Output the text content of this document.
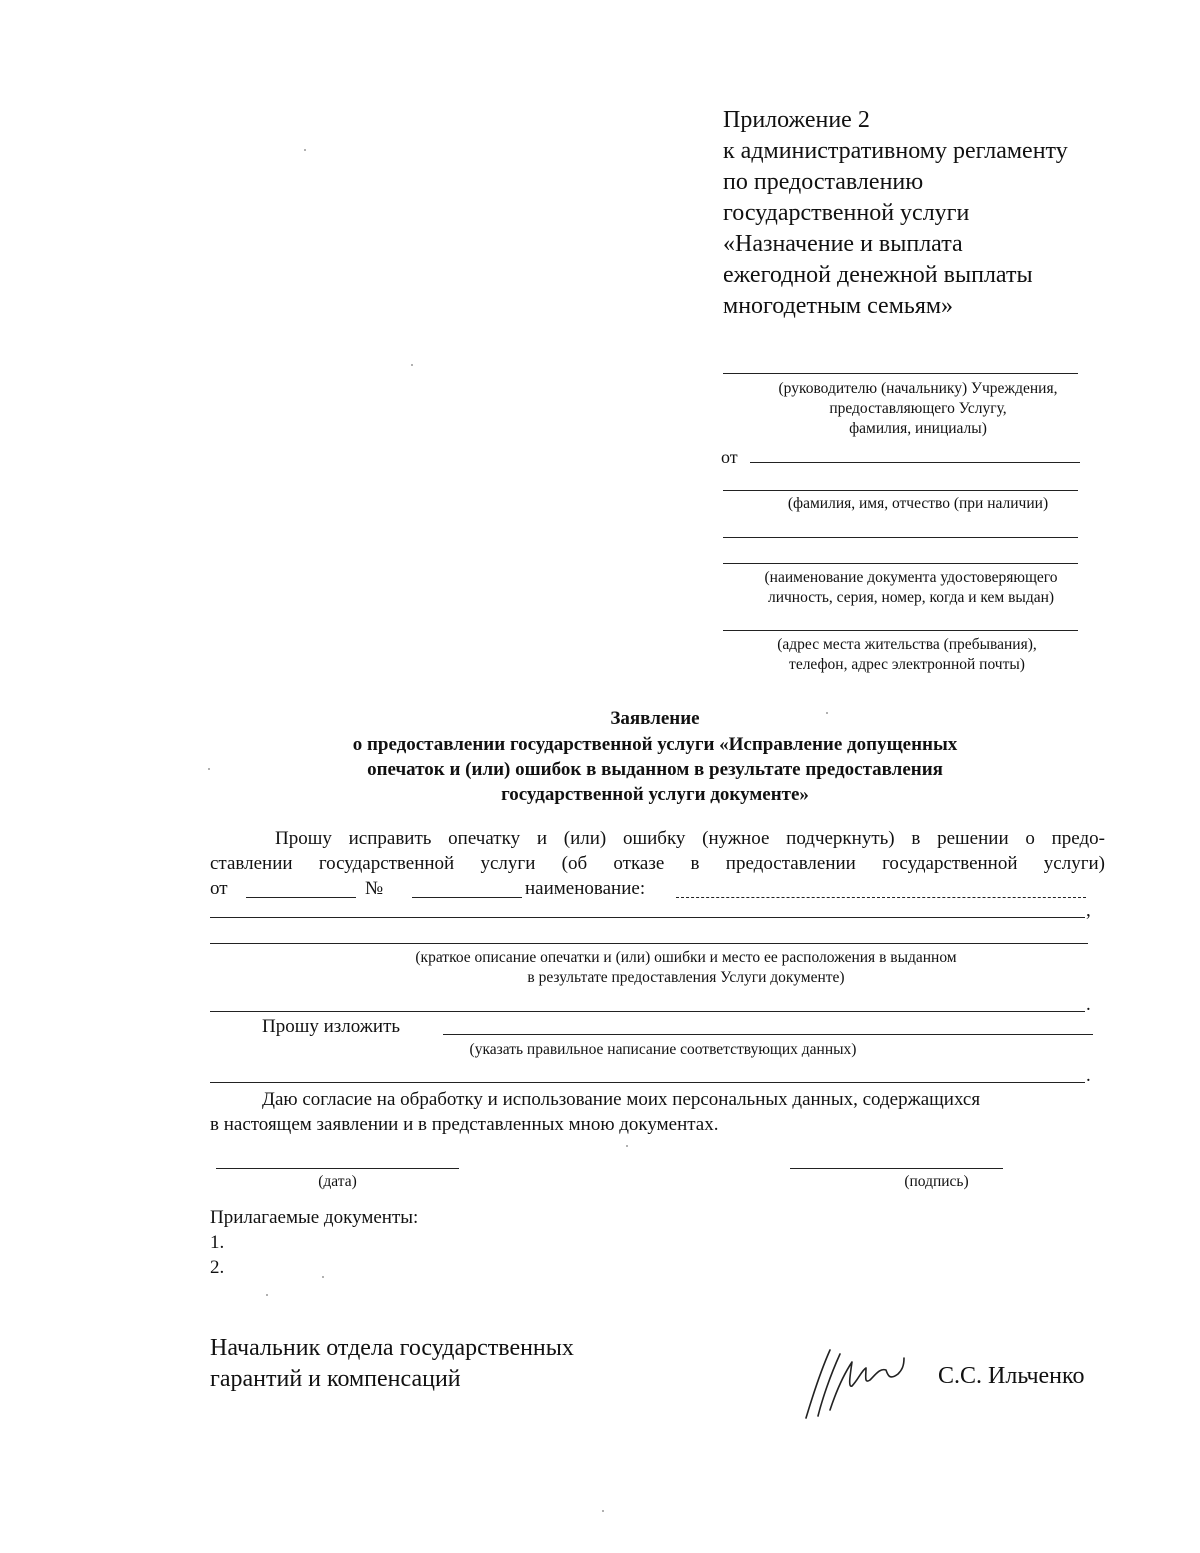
Приложение 2
к административному регламенту
по предоставлению
государственной услуги
«Назначение и выплата
ежегодной денежной выплаты
многодетным семьям»
(руководителю (начальнику) Учреждения,
предоставляющего Услугу,
фамилия, инициалы)
от
(фамилия, имя, отчество (при наличии)
(наименование документа удостоверяющего
личность, серия, номер, когда и кем выдан)
(адрес места жительства (пребывания),
телефон, адрес электронной почты)
Заявление
о предоставлении государственной услуги «Исправление допущенных
опечаток и (или) ошибок в выданном в результате предоставления
государственной услуги документе»
Прошу исправить опечатку и (или) ошибку (нужное подчеркнуть) в решении о предо-
ставлении государственной услуги (об отказе в предоставлении государственной услуги)
от	№	наименование:
,
(краткое описание опечатки и (или) ошибки и место ее расположения в выданном
в результате предоставления Услуги документе)
.
Прошу изложить
(указать правильное написание соответствующих данных)
.
Даю согласие на обработку и использование моих персональных данных, содержащихся
в настоящем заявлении и в представленных мною документах.
(дата)	(подпись)
Прилагаемые документы:
1.
2.
Начальник отдела государственных
гарантий и компенсаций	С.С. Ильченко
